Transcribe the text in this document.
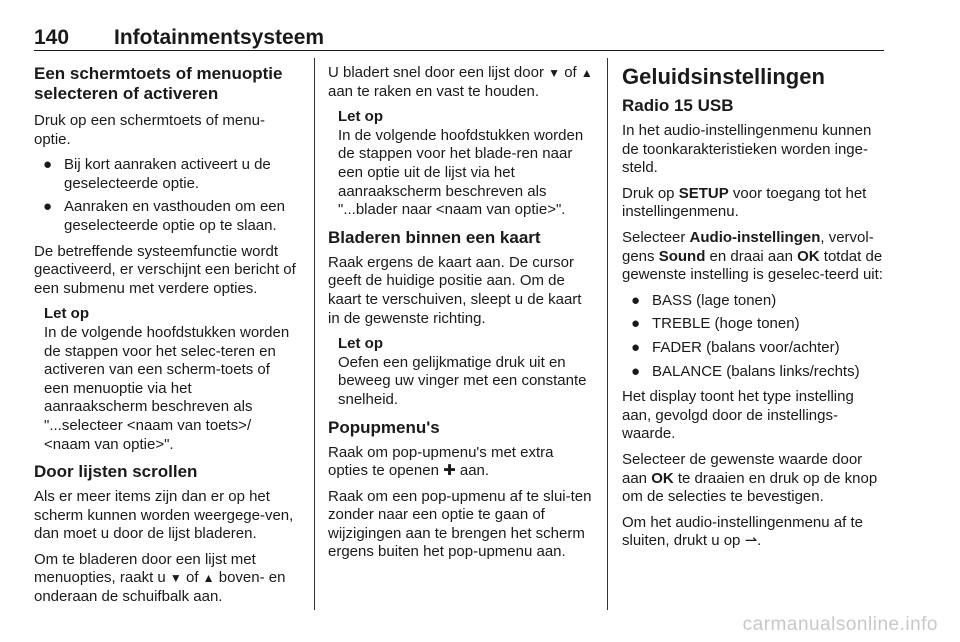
140 Infotainmentsysteem
Een schermtoets of menuoptie selecteren of activeren

Druk op een schermtoets of menu-optie.

● Bij kort aanraken activeert u de geselecteerde optie.
● Aanraken en vasthouden om een geselecteerde optie op te slaan.

De betreffende systeemfunctie wordt geactiveerd, er verschijnt een bericht of een submenu met verdere opties.

Let op
In de volgende hoofdstukken worden de stappen voor het selec-teren en activeren van een scherm-toets of een menuoptie via het aanraakscherm beschreven als "...selecteer <naam van toets>/ <naam van optie>".
Door lijsten scrollen

Als er meer items zijn dan er op het scherm kunnen worden weergege-ven, dan moet u door de lijst bladeren.

Om te bladeren door een lijst met menuopties, raakt u ▼ of ▲ boven- en onderaan de schuifbalk aan.

U bladert snel door een lijst door ▼ of ▲ aan te raken en vast te houden.

Let op
In de volgende hoofdstukken worden de stappen voor het blade-ren naar een optie uit de lijst via het aanraakscherm beschreven als "...blader naar <naam van optie>".
Bladeren binnen een kaart

Raak ergens de kaart aan. De cursor geeft de huidige positie aan. Om de kaart te verschuiven, sleept u de kaart in de gewenste richting.

Let op
Oefen een gelijkmatige druk uit en beweeg uw vinger met een constante snelheid.
Popupmenu's

Raak om pop-upmenu's met extra opties te openen ✚ aan.

Raak om een pop-upmenu af te slui-ten zonder naar een optie te gaan of wijzigingen aan te brengen het scherm ergens buiten het pop-upmenu aan.

Geluidsinstellingen
Radio 15 USB

In het audio-instellingenmenu kunnen de toonkarakteristieken worden inge-steld.

Druk op SETUP voor toegang tot het instellingenmenu.

Selecteer Audio-instellingen, vervol-gens Sound en draai aan OK totdat de gewenste instelling is geselec-teerd uit:

● BASS (lage tonen)
● TREBLE (hoge tonen)
● FADER (balans voor/achter)
● BALANCE (balans links/rechts)

Het display toont het type instelling aan, gevolgd door de instellings-waarde.

Selecteer de gewenste waarde door aan OK te draaien en druk op de knop om de selecties te bevestigen.

Om het audio-instellingenmenu af te sluiten, drukt u op ⇀.

carmanualsonline.info
